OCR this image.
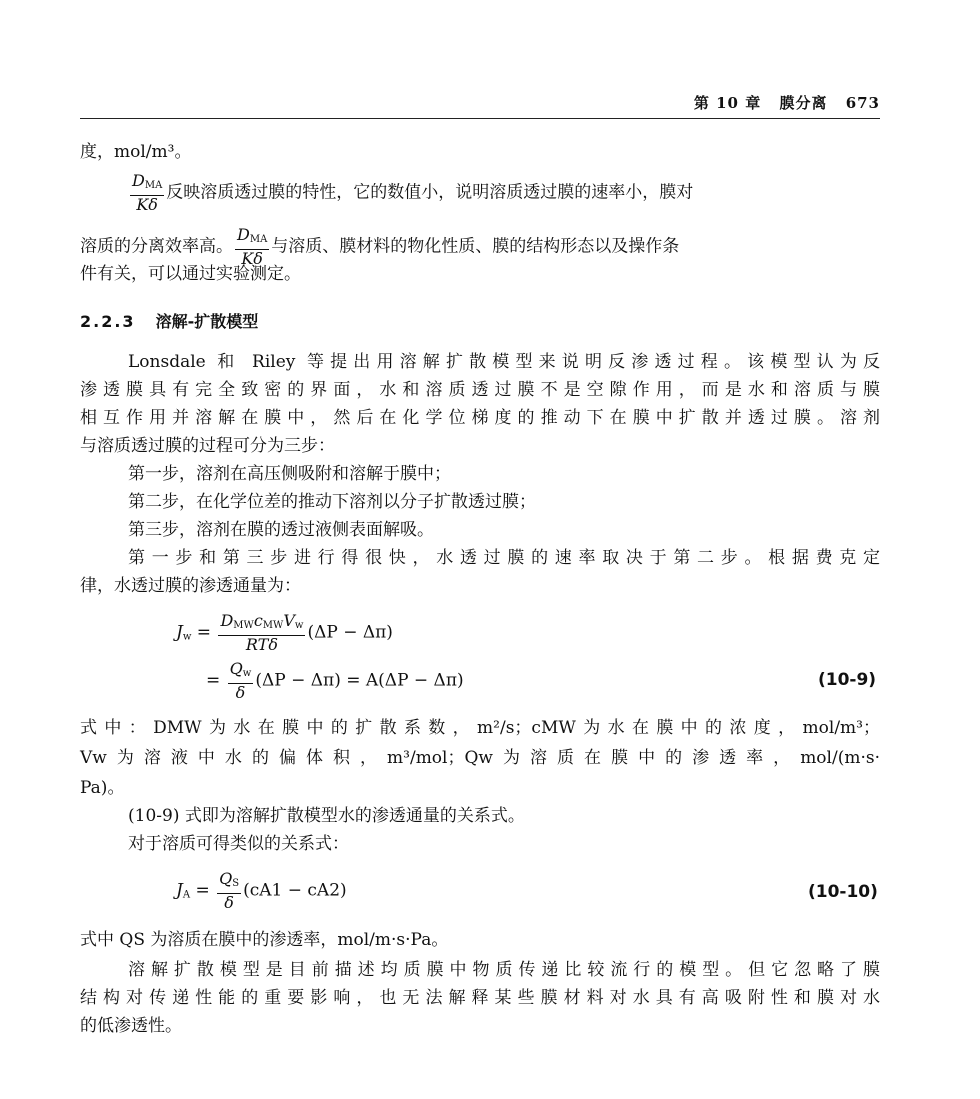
第 10 章 膜分离 673
度，mol/m³。
$\frac{D_{MA}}{K\delta}$ 反映溶质透过膜的特性，它的数值小，说明溶质透过膜的速率小，膜对
溶质的分离效率高。 $\frac{D_{MA}}{K\delta}$ 与溶质、膜材料的物化性质、膜的结构形态以及操作条
件有关，可以通过实验测定。
2.2.3 溶解-扩散模型
Lonsdale 和 Riley 等提出用溶解扩散模型来说明反渗透过程。该模型认为反
渗透膜具有完全致密的界面，水和溶质透过膜不是空隙作用，而是水和溶质与膜
相互作用并溶解在膜中，然后在化学位梯度的推动下在膜中扩散并透过膜。溶剂
与溶质透过膜的过程可分为三步：
第一步，溶剂在高压侧吸附和溶解于膜中；
第二步，在化学位差的推动下溶剂以分子扩散透过膜；
第三步，溶剂在膜的透过液侧表面解吸。
第一步和第三步进行得很快，水透过膜的速率取决于第二步。根据费克定
律，水透过膜的渗透通量为：
$J_w = \frac{D_{MW}c_{MW}V_w}{\text{RTδ}} (\Delta P - \Delta\pi)$
= $\frac{Q_w}{\delta} (\Delta P - \Delta\pi) = A(\Delta P - \Delta\pi)$	(10-9)
式中：DMW为水在膜中的扩散系数，m²/s；cMW为水在膜中的浓度，mol/m³；
Vw为溶液中水的偏体积，m³/mol；Qw为溶质在膜中的渗透率，mol/(m·s·
Pa)。
(10-9) 式即为溶解扩散模型水的渗透通量的关系式。
对于溶质可得类似的关系式：
$J_A = \frac{Q_S}{\delta} (cA1 - cA2)$	(10-10)
式中 QS 为溶质在膜中的渗透率，mol/m·s·Pa。
溶解扩散模型是目前描述均质膜中物质传递比较流行的模型。但它忽略了膜
结构对传递性能的重要影响，也无法解释某些膜材料对水具有高吸附性和膜对水
的低渗透性。
